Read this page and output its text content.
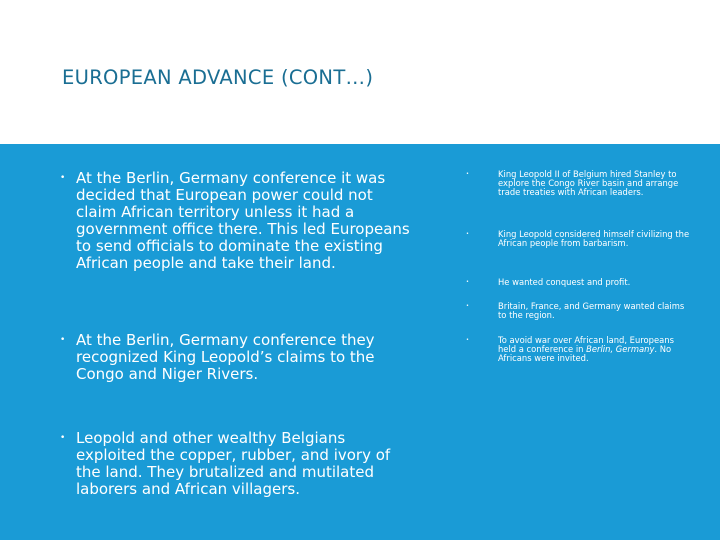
EUROPEAN ADVANCE (CONT…)
• At the Berlin, Germany conference it was decided that European power could not claim African territory unless it had a government office there. This led Europeans to send officials to dominate the existing African people and take their land.
• At the Berlin, Germany conference they recognized King Leopold’s claims to the Congo and Niger Rivers.
• Leopold and other wealthy Belgians exploited the copper, rubber, and ivory of the land. They brutalized and mutilated laborers and African villagers.
•	King Leopold II of Belgium hired Stanley to explore the Congo River basin and arrange trade treaties with African leaders.
•	King Leopold considered himself civilizing the African people from barbarism.
•	He wanted conquest and profit.
•	Britain, France, and Germany wanted claims to the region.
•	To avoid war over African land, Europeans held a conference in Berlin, Germany. No Africans were invited.
